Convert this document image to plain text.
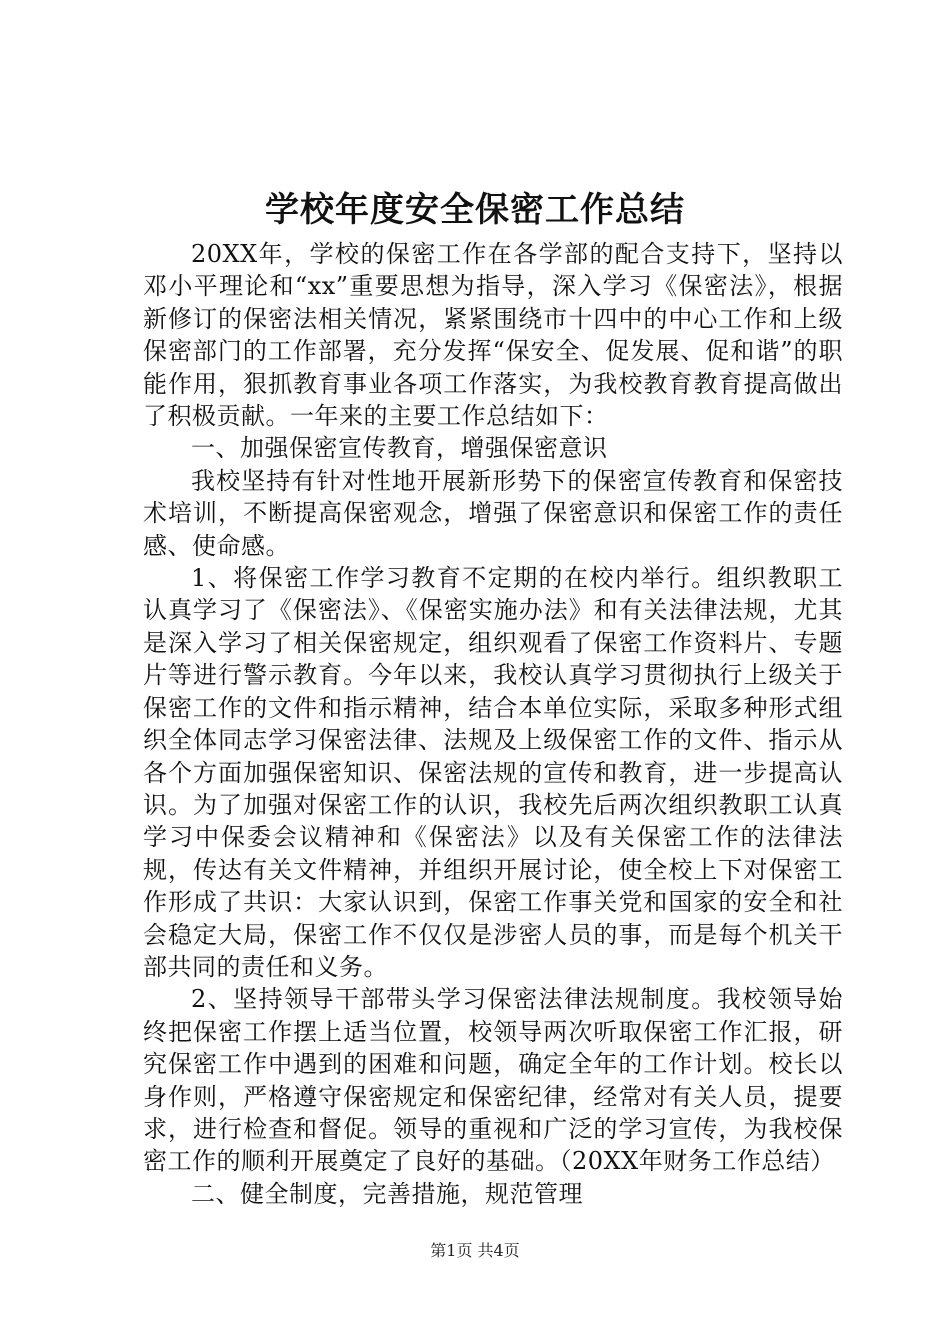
学校年度安全保密工作总结

20XX年，学校的保密工作在各学部的配合支持下，坚持以邓小平理论和“xx”重要思想为指导，深入学习《保密法》，根据新修订的保密法相关情况，紧紧围绕市十四中的中心工作和上级保密部门的工作部署，充分发挥“保安全、促发展、促和谐”的职能作用，狠抓教育事业各项工作落实，为我校教育教育提高做出了积极贡献。一年来的主要工作总结如下：

一、加强保密宣传教育，增强保密意识

我校坚持有针对性地开展新形势下的保密宣传教育和保密技术培训，不断提高保密观念，增强了保密意识和保密工作的责任感、使命感。

1、将保密工作学习教育不定期的在校内举行。组织教职工认真学习了《保密法》、《保密实施办法》和有关法律法规，尤其是深入学习了相关保密规定，组织观看了保密工作资料片、专题片等进行警示教育。今年以来，我校认真学习贯彻执行上级关于保密工作的文件和指示精神，结合本单位实际，采取多种形式组织全体同志学习保密法律、法规及上级保密工作的文件、指示从各个方面加强保密知识、保密法规的宣传和教育，进一步提高认识。为了加强对保密工作的认识，我校先后两次组织教职工认真学习中保委会议精神和《保密法》以及有关保密工作的法律法规，传达有关文件精神，并组织开展讨论，使全校上下对保密工作形成了共识：大家认识到，保密工作事关党和国家的安全和社会稳定大局，保密工作不仅仅是涉密人员的事，而是每个机关干部共同的责任和义务。

2、坚持领导干部带头学习保密法律法规制度。我校领导始终把保密工作摆上适当位置，校领导两次听取保密工作汇报，研究保密工作中遇到的困难和问题，确定全年的工作计划。校长以身作则，严格遵守保密规定和保密纪律，经常对有关人员，提要求，进行检查和督促。领导的重视和广泛的学习宣传，为我校保密工作的顺利开展奠定了良好的基础。（20XX年财务工作总结）

二、健全制度，完善措施，规范管理

第1页 共4页
